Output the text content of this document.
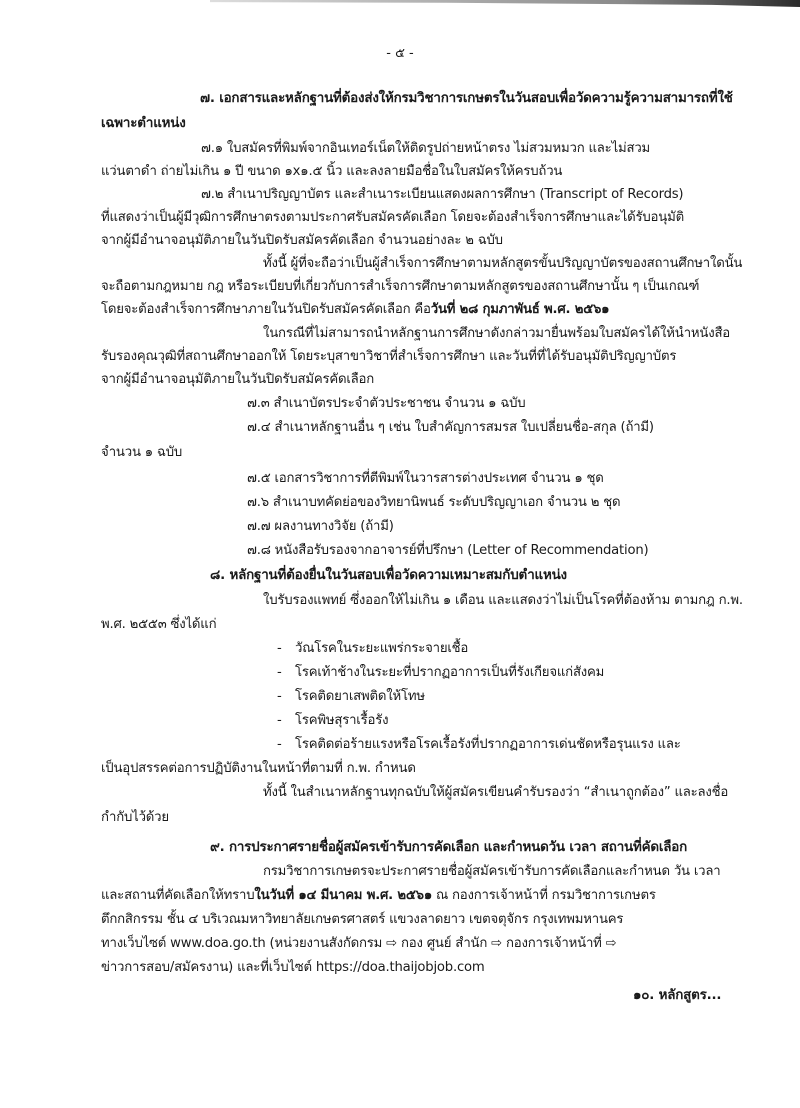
- ๕ -
๗. เอกสารและหลักฐานที่ต้องส่งให้กรมวิชาการเกษตรในวันสอบเพื่อวัดความรู้ความสามารถที่ใช้
เฉพาะตำแหน่ง
๗.๑ ใบสมัครที่พิมพ์จากอินเทอร์เน็ตให้ติดรูปถ่ายหน้าตรง ไม่สวมหมวก และไม่สวม
แว่นตาดำ ถ่ายไม่เกิน ๑ ปี ขนาด ๑x๑.๕ นิ้ว และลงลายมือชื่อในใบสมัครให้ครบถ้วน
๗.๒ สำเนาปริญญาบัตร และสำเนาระเบียนแสดงผลการศึกษา (Transcript of Records)
ที่แสดงว่าเป็นผู้มีวุฒิการศึกษาตรงตามประกาศรับสมัครคัดเลือก โดยจะต้องสำเร็จการศึกษาและได้รับอนุมัติ
จากผู้มีอำนาจอนุมัติภายในวันปิดรับสมัครคัดเลือก จำนวนอย่างละ ๒ ฉบับ
ทั้งนี้ ผู้ที่จะถือว่าเป็นผู้สำเร็จการศึกษาตามหลักสูตรขั้นปริญญาบัตรของสถานศึกษาใดนั้น
จะถือตามกฎหมาย กฎ หรือระเบียบที่เกี่ยวกับการสำเร็จการศึกษาตามหลักสูตรของสถานศึกษานั้น ๆ เป็นเกณฑ์
โดยจะต้องสำเร็จการศึกษาภายในวันปิดรับสมัครคัดเลือก คือวันที่ ๒๘ กุมภาพันธ์ พ.ศ. ๒๕๖๑
ในกรณีที่ไม่สามารถนำหลักฐานการศึกษาดังกล่าวมายื่นพร้อมใบสมัครได้ให้นำหนังสือ
รับรองคุณวุฒิที่สถานศึกษาออกให้ โดยระบุสาขาวิชาที่สำเร็จการศึกษา และวันที่ที่ได้รับอนุมัติปริญญาบัตร
จากผู้มีอำนาจอนุมัติภายในวันปิดรับสมัครคัดเลือก
๗.๓ สำเนาบัตรประจำตัวประชาชน จำนวน ๑ ฉบับ
๗.๔ สำเนาหลักฐานอื่น ๆ เช่น ใบสำคัญการสมรส ใบเปลี่ยนชื่อ-สกุล (ถ้ามี)
จำนวน ๑ ฉบับ
๗.๕ เอกสารวิชาการที่ตีพิมพ์ในวารสารต่างประเทศ จำนวน ๑ ชุด
๗.๖ สำเนาบทคัดย่อของวิทยานิพนธ์ ระดับปริญญาเอก จำนวน ๒ ชุด
๗.๗ ผลงานทางวิจัย (ถ้ามี)
๗.๘ หนังสือรับรองจากอาจารย์ที่ปรึกษา (Letter of Recommendation)
๘. หลักฐานที่ต้องยื่นในวันสอบเพื่อวัดความเหมาะสมกับตำแหน่ง
ใบรับรองแพทย์ ซึ่งออกให้ไม่เกิน ๑ เดือน และแสดงว่าไม่เป็นโรคที่ต้องห้าม ตามกฎ ก.พ.
พ.ศ. ๒๕๕๓ ซึ่งได้แก่
- วัณโรคในระยะแพร่กระจายเชื้อ
- โรคเท้าช้างในระยะที่ปรากฏอาการเป็นที่รังเกียจแก่สังคม
- โรคติดยาเสพติดให้โทษ
- โรคพิษสุราเรื้อรัง
- โรคติดต่อร้ายแรงหรือโรคเรื้อรังที่ปรากฏอาการเด่นชัดหรือรุนแรง และ
เป็นอุปสรรคต่อการปฏิบัติงานในหน้าที่ตามที่ ก.พ. กำหนด
ทั้งนี้ ในสำเนาหลักฐานทุกฉบับให้ผู้สมัครเขียนคำรับรองว่า “สำเนาถูกต้อง” และลงชื่อ
กำกับไว้ด้วย
๙. การประกาศรายชื่อผู้สมัครเข้ารับการคัดเลือก และกำหนดวัน เวลา สถานที่คัดเลือก
กรมวิชาการเกษตรจะประกาศรายชื่อผู้สมัครเข้ารับการคัดเลือกและกำหนด วัน เวลา
และสถานที่คัดเลือกให้ทราบในวันที่ ๑๔ มีนาคม พ.ศ. ๒๕๖๑ ณ กองการเจ้าหน้าที่ กรมวิชาการเกษตร
ตึกกสิกรรม ชั้น ๔ บริเวณมหาวิทยาลัยเกษตรศาสตร์ แขวงลาดยาว เขตจตุจักร กรุงเทพมหานคร
ทางเว็บไซต์ www.doa.go.th (หน่วยงานสังกัดกรม ⇨ กอง ศูนย์ สำนัก ⇨ กองการเจ้าหน้าที่ ⇨
ข่าวการสอบ/สมัครงาน) และที่เว็บไซต์ https://doa.thaijobjob.com
๑๐. หลักสูตร...
